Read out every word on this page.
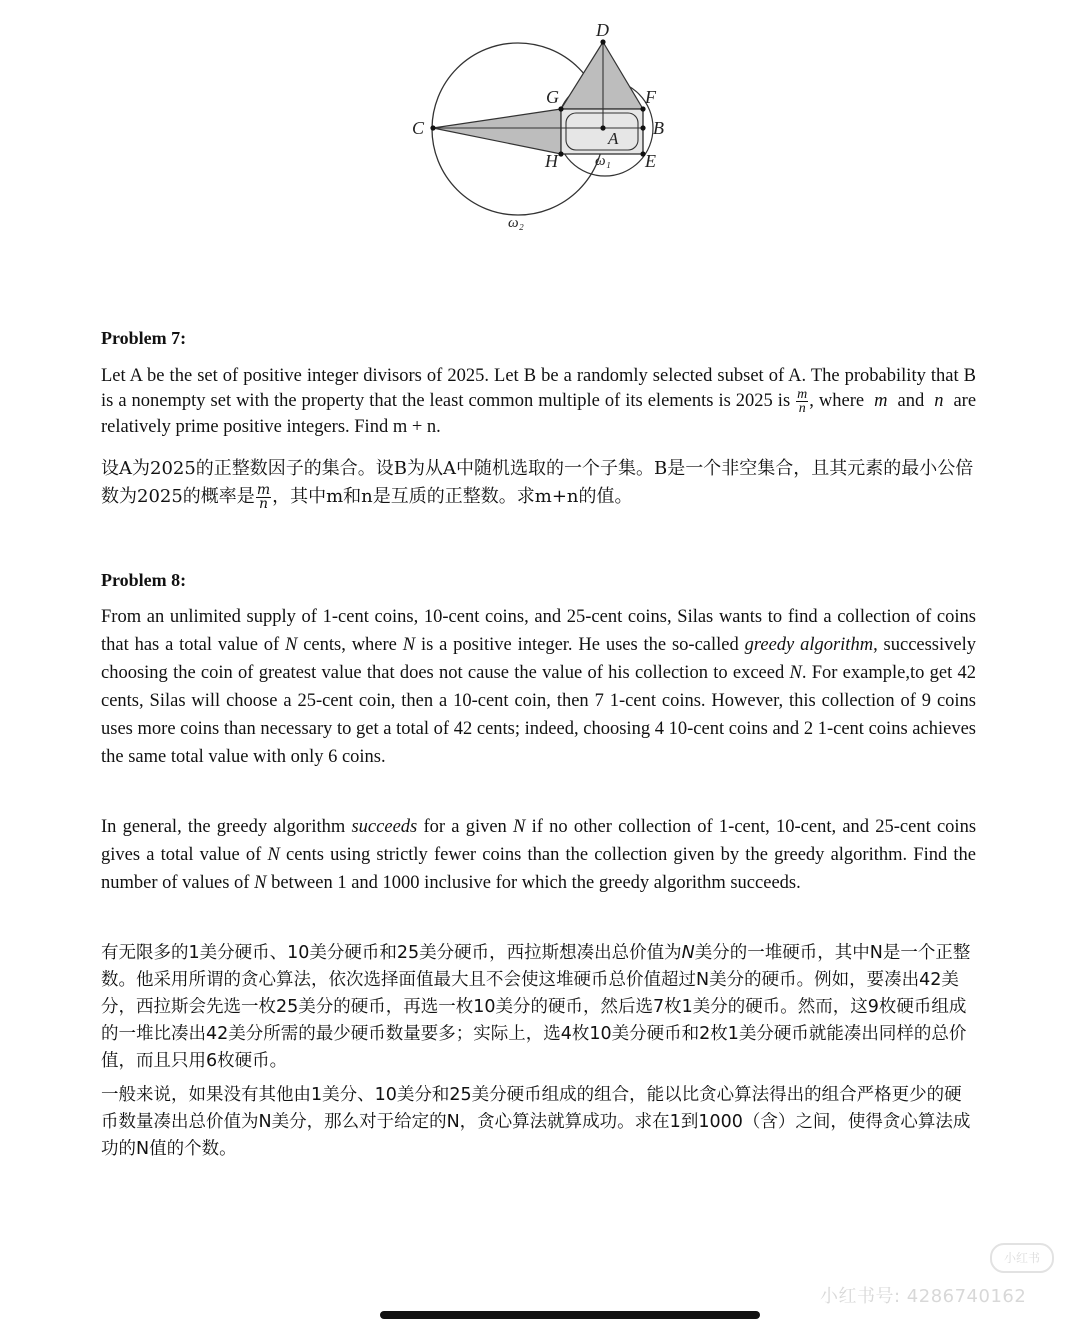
D
G	F
C
A
B
H	E
ω₁
ω₂
Problem 7:

Let A be the set of positive integer divisors of 2025. Let B be a randomly selected subset of A. The probability that B is a nonempty set with the property that the least common multiple of its elements is 2025 is $\frac{m}{n}$ , where m and n are relatively prime positive integers. Find m + n.

设A为2025的正整数因子的集合。设B为从A中随机选取的一个子集。B是一个非空集合，且其元素的最小公倍数为2025的概率是 $\frac{m}{n}$ ，其中m和n是互质的正整数。求m+n的值。

Problem 8:

From an unlimited supply of 1-cent coins, 10-cent coins, and 25-cent coins, Silas wants to find a collection of coins that has a total value of N cents, where N is a positive integer. He uses the so-called greedy algorithm, successively choosing the coin of greatest value that does not cause the value of his collection to exceed N. For example,to get 42 cents, Silas will choose a 25-cent coin, then a 10-cent coin, then 7 1-cent coins. However, this collection of 9 coins uses more coins than necessary to get a total of 42 cents; indeed, choosing 4 10-cent coins and 2 1-cent coins achieves the same total value with only 6 coins.

In general, the greedy algorithm succeeds for a given N if no other collection of 1-cent, 10-cent, and 25-cent coins gives a total value of N cents using strictly fewer coins than the collection given by the greedy algorithm. Find the number of values of N between 1 and 1000 inclusive for which the greedy algorithm succeeds.

有无限多的1美分硬币、10美分硬币和25美分硬币，西拉斯想凑出总价值为N美分的一堆硬币，其中N是一个正整数。他采用所谓的贪心算法，依次选择面值最大且不会使这堆硬币总价值超过N美分的硬币。例如，要凑出42美分，西拉斯会先选一枚25美分的硬币，再选一枚10美分的硬币，然后选7枚1美分的硬币。然而，这9枚硬币组成的一堆比凑出42美分所需的最少硬币数量要多；实际上，选4枚10美分硬币和2枚1美分硬币就能凑出同样的总价值，而且只用6枚硬币。

一般来说，如果没有其他由1美分、10美分和25美分硬币组成的组合，能以比贪心算法得出的组合严格更少的硬币数量凑出总价值为N美分，那么对于给定的N，贪心算法就算成功。求在1到1000（含）之间，使得贪心算法成功的N值的个数。

小红书
小红书号: 4286740162
